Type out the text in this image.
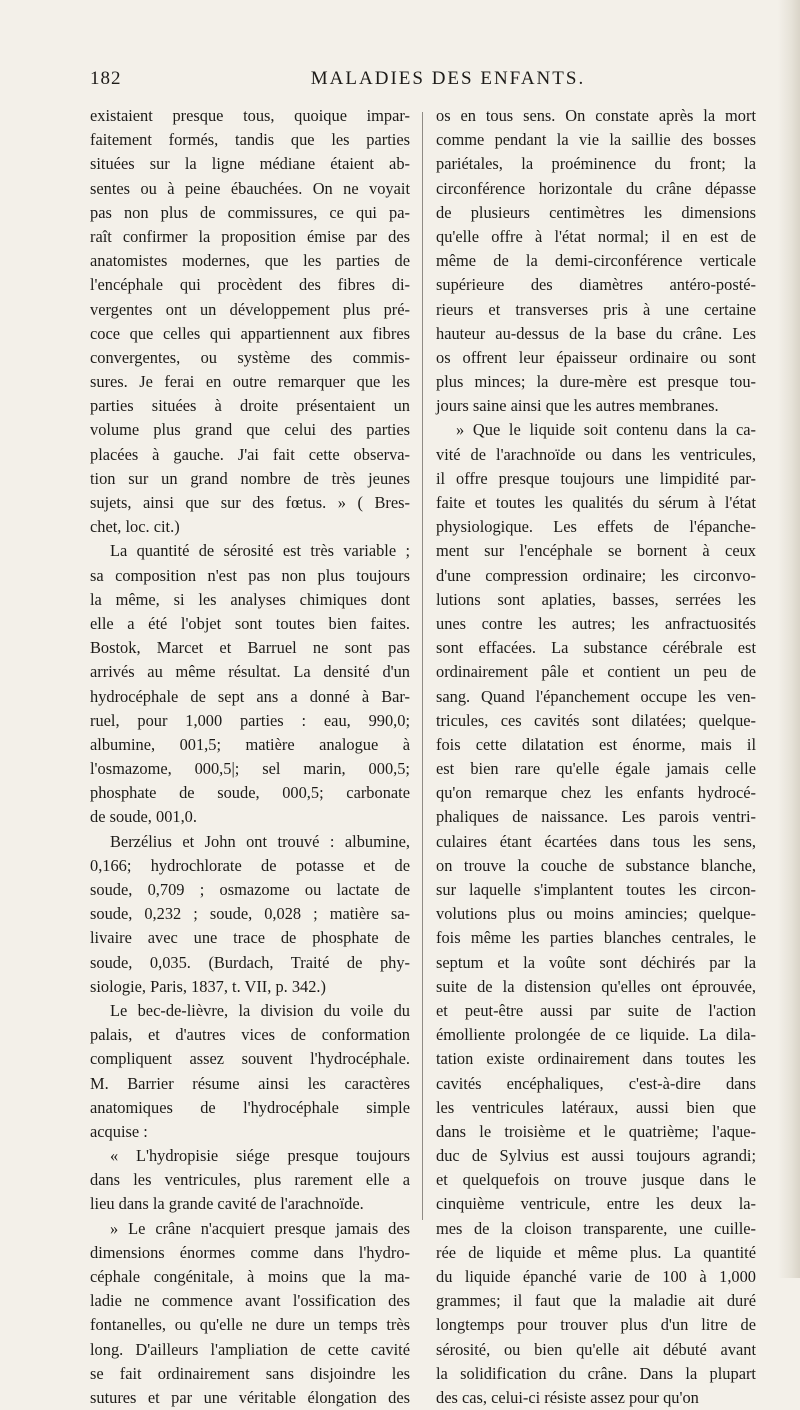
182	MALADIES DES ENFANTS.
existaient presque tous, quoique impar-
faitement formés, tandis que les parties
situées sur la ligne médiane étaient ab-
sentes ou à peine ébauchées. On ne voyait
pas non plus de commissures, ce qui pa-
raît confirmer la proposition émise par des
anatomistes modernes, que les parties de
l'encéphale qui procèdent des fibres di-
vergentes ont un développement plus pré-
coce que celles qui appartiennent aux fibres
convergentes, ou système des commis-
sures. Je ferai en outre remarquer que les
parties situées à droite présentaient un
volume plus grand que celui des parties
placées à gauche. J'ai fait cette observa-
tion sur un grand nombre de très jeunes
sujets, ainsi que sur des fœtus. » ( Bres-
chet, loc. cit.)
La quantité de sérosité est très variable ;
sa composition n'est pas non plus toujours
la même, si les analyses chimiques dont
elle a été l'objet sont toutes bien faites.
Bostok, Marcet et Barruel ne sont pas
arrivés au même résultat. La densité d'un
hydrocéphale de sept ans a donné à Bar-
ruel, pour 1,000 parties : eau, 990,0;
albumine, 001,5; matière analogue à
l'osmazome, 000,5|; sel marin, 000,5;
phosphate de soude, 000,5; carbonate
de soude, 001,0.
Berzélius et John ont trouvé : albumine,
0,166; hydrochlorate de potasse et de
soude, 0,709 ; osmazome ou lactate de
soude, 0,232 ; soude, 0,028 ; matière sa-
livaire avec une trace de phosphate de
soude, 0,035. (Burdach, Traité de phy-
siologie, Paris, 1837, t. VII, p. 342.)
Le bec-de-lièvre, la division du voile du
palais, et d'autres vices de conformation
compliquent assez souvent l'hydrocéphale.
M. Barrier résume ainsi les caractères
anatomiques de l'hydrocéphale simple
acquise :
« L'hydropisie siége presque toujours
dans les ventricules, plus rarement elle a
lieu dans la grande cavité de l'arachnoïde.
» Le crâne n'acquiert presque jamais des
dimensions énormes comme dans l'hydro-
céphale congénitale, à moins que la ma-
ladie ne commence avant l'ossification des
fontanelles, ou qu'elle ne dure un temps très
long. D'ailleurs l'ampliation de cette cavité
se fait ordinairement sans disjoindre les
sutures et par une véritable élongation des
os en tous sens. On constate après la mort
comme pendant la vie la saillie des bosses
pariétales, la proéminence du front; la
circonférence horizontale du crâne dépasse
de plusieurs centimètres les dimensions
qu'elle offre à l'état normal; il en est de
même de la demi-circonférence verticale
supérieure des diamètres antéro-posté-
rieurs et transverses pris à une certaine
hauteur au-dessus de la base du crâne. Les
os offrent leur épaisseur ordinaire ou sont
plus minces; la dure-mère est presque tou-
jours saine ainsi que les autres membranes.
» Que le liquide soit contenu dans la ca-
vité de l'arachnoïde ou dans les ventricules,
il offre presque toujours une limpidité par-
faite et toutes les qualités du sérum à l'état
physiologique. Les effets de l'épanche-
ment sur l'encéphale se bornent à ceux
d'une compression ordinaire; les circonvo-
lutions sont aplaties, basses, serrées les
unes contre les autres; les anfractuosités
sont effacées. La substance cérébrale est
ordinairement pâle et contient un peu de
sang. Quand l'épanchement occupe les ven-
tricules, ces cavités sont dilatées; quelque-
fois cette dilatation est énorme, mais il
est bien rare qu'elle égale jamais celle
qu'on remarque chez les enfants hydrocé-
phaliques de naissance. Les parois ventri-
culaires étant écartées dans tous les sens,
on trouve la couche de substance blanche,
sur laquelle s'implantent toutes les circon-
volutions plus ou moins amincies; quelque-
fois même les parties blanches centrales, le
septum et la voûte sont déchirés par la
suite de la distension qu'elles ont éprouvée,
et peut-être aussi par suite de l'action
émolliente prolongée de ce liquide. La dila-
tation existe ordinairement dans toutes les
cavités encéphaliques, c'est-à-dire dans
les ventricules latéraux, aussi bien que
dans le troisième et le quatrième; l'aque-
duc de Sylvius est aussi toujours agrandi;
et quelquefois on trouve jusque dans le
cinquième ventricule, entre les deux la-
mes de la cloison transparente, une cuille-
rée de liquide et même plus. La quantité
du liquide épanché varie de 100 à 1,000
grammes; il faut que la maladie ait duré
longtemps pour trouver plus d'un litre de
sérosité, ou bien qu'elle ait débuté avant
la solidification du crâne. Dans la plupart
des cas, celui-ci résiste assez pour qu'on
